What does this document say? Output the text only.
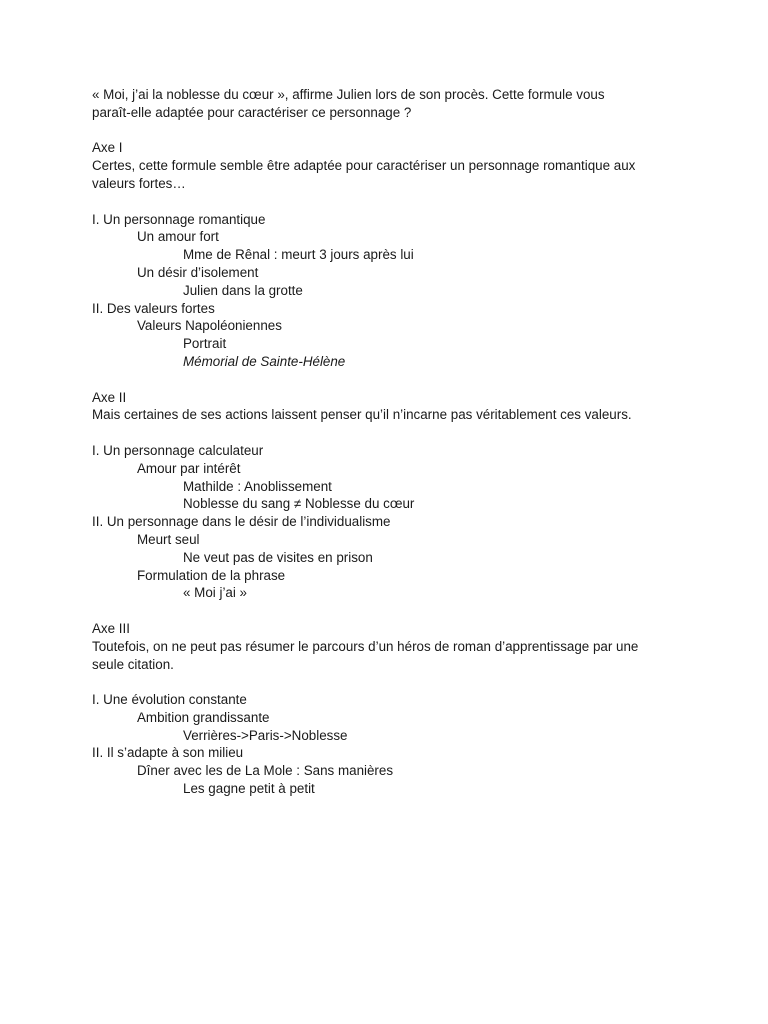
« Moi, j’ai la noblesse du cœur », affirme Julien lors de son procès. Cette formule vous
paraît-elle adaptée pour caractériser ce personnage ?
Axe I
Certes, cette formule semble être adaptée pour caractériser un personnage romantique aux
valeurs fortes…
I. Un personnage romantique
Un amour fort
Mme de Rênal : meurt 3 jours après lui
Un désir d’isolement
Julien dans la grotte
II. Des valeurs fortes
Valeurs Napoléoniennes
Portrait
Mémorial de Sainte-Hélène
Axe II
Mais certaines de ses actions laissent penser qu’il n’incarne pas véritablement ces valeurs.
I. Un personnage calculateur
Amour par intérêt
Mathilde : Anoblissement
Noblesse du sang ≠ Noblesse du cœur
II. Un personnage dans le désir de l’individualisme
Meurt seul
Ne veut pas de visites en prison
Formulation de la phrase
« Moi j’ai »
Axe III
Toutefois, on ne peut pas résumer le parcours d’un héros de roman d’apprentissage par une
seule citation.
I. Une évolution constante
Ambition grandissante
Verrières->Paris->Noblesse
II. Il s’adapte à son milieu
Dîner avec les de La Mole : Sans manières
Les gagne petit à petit
